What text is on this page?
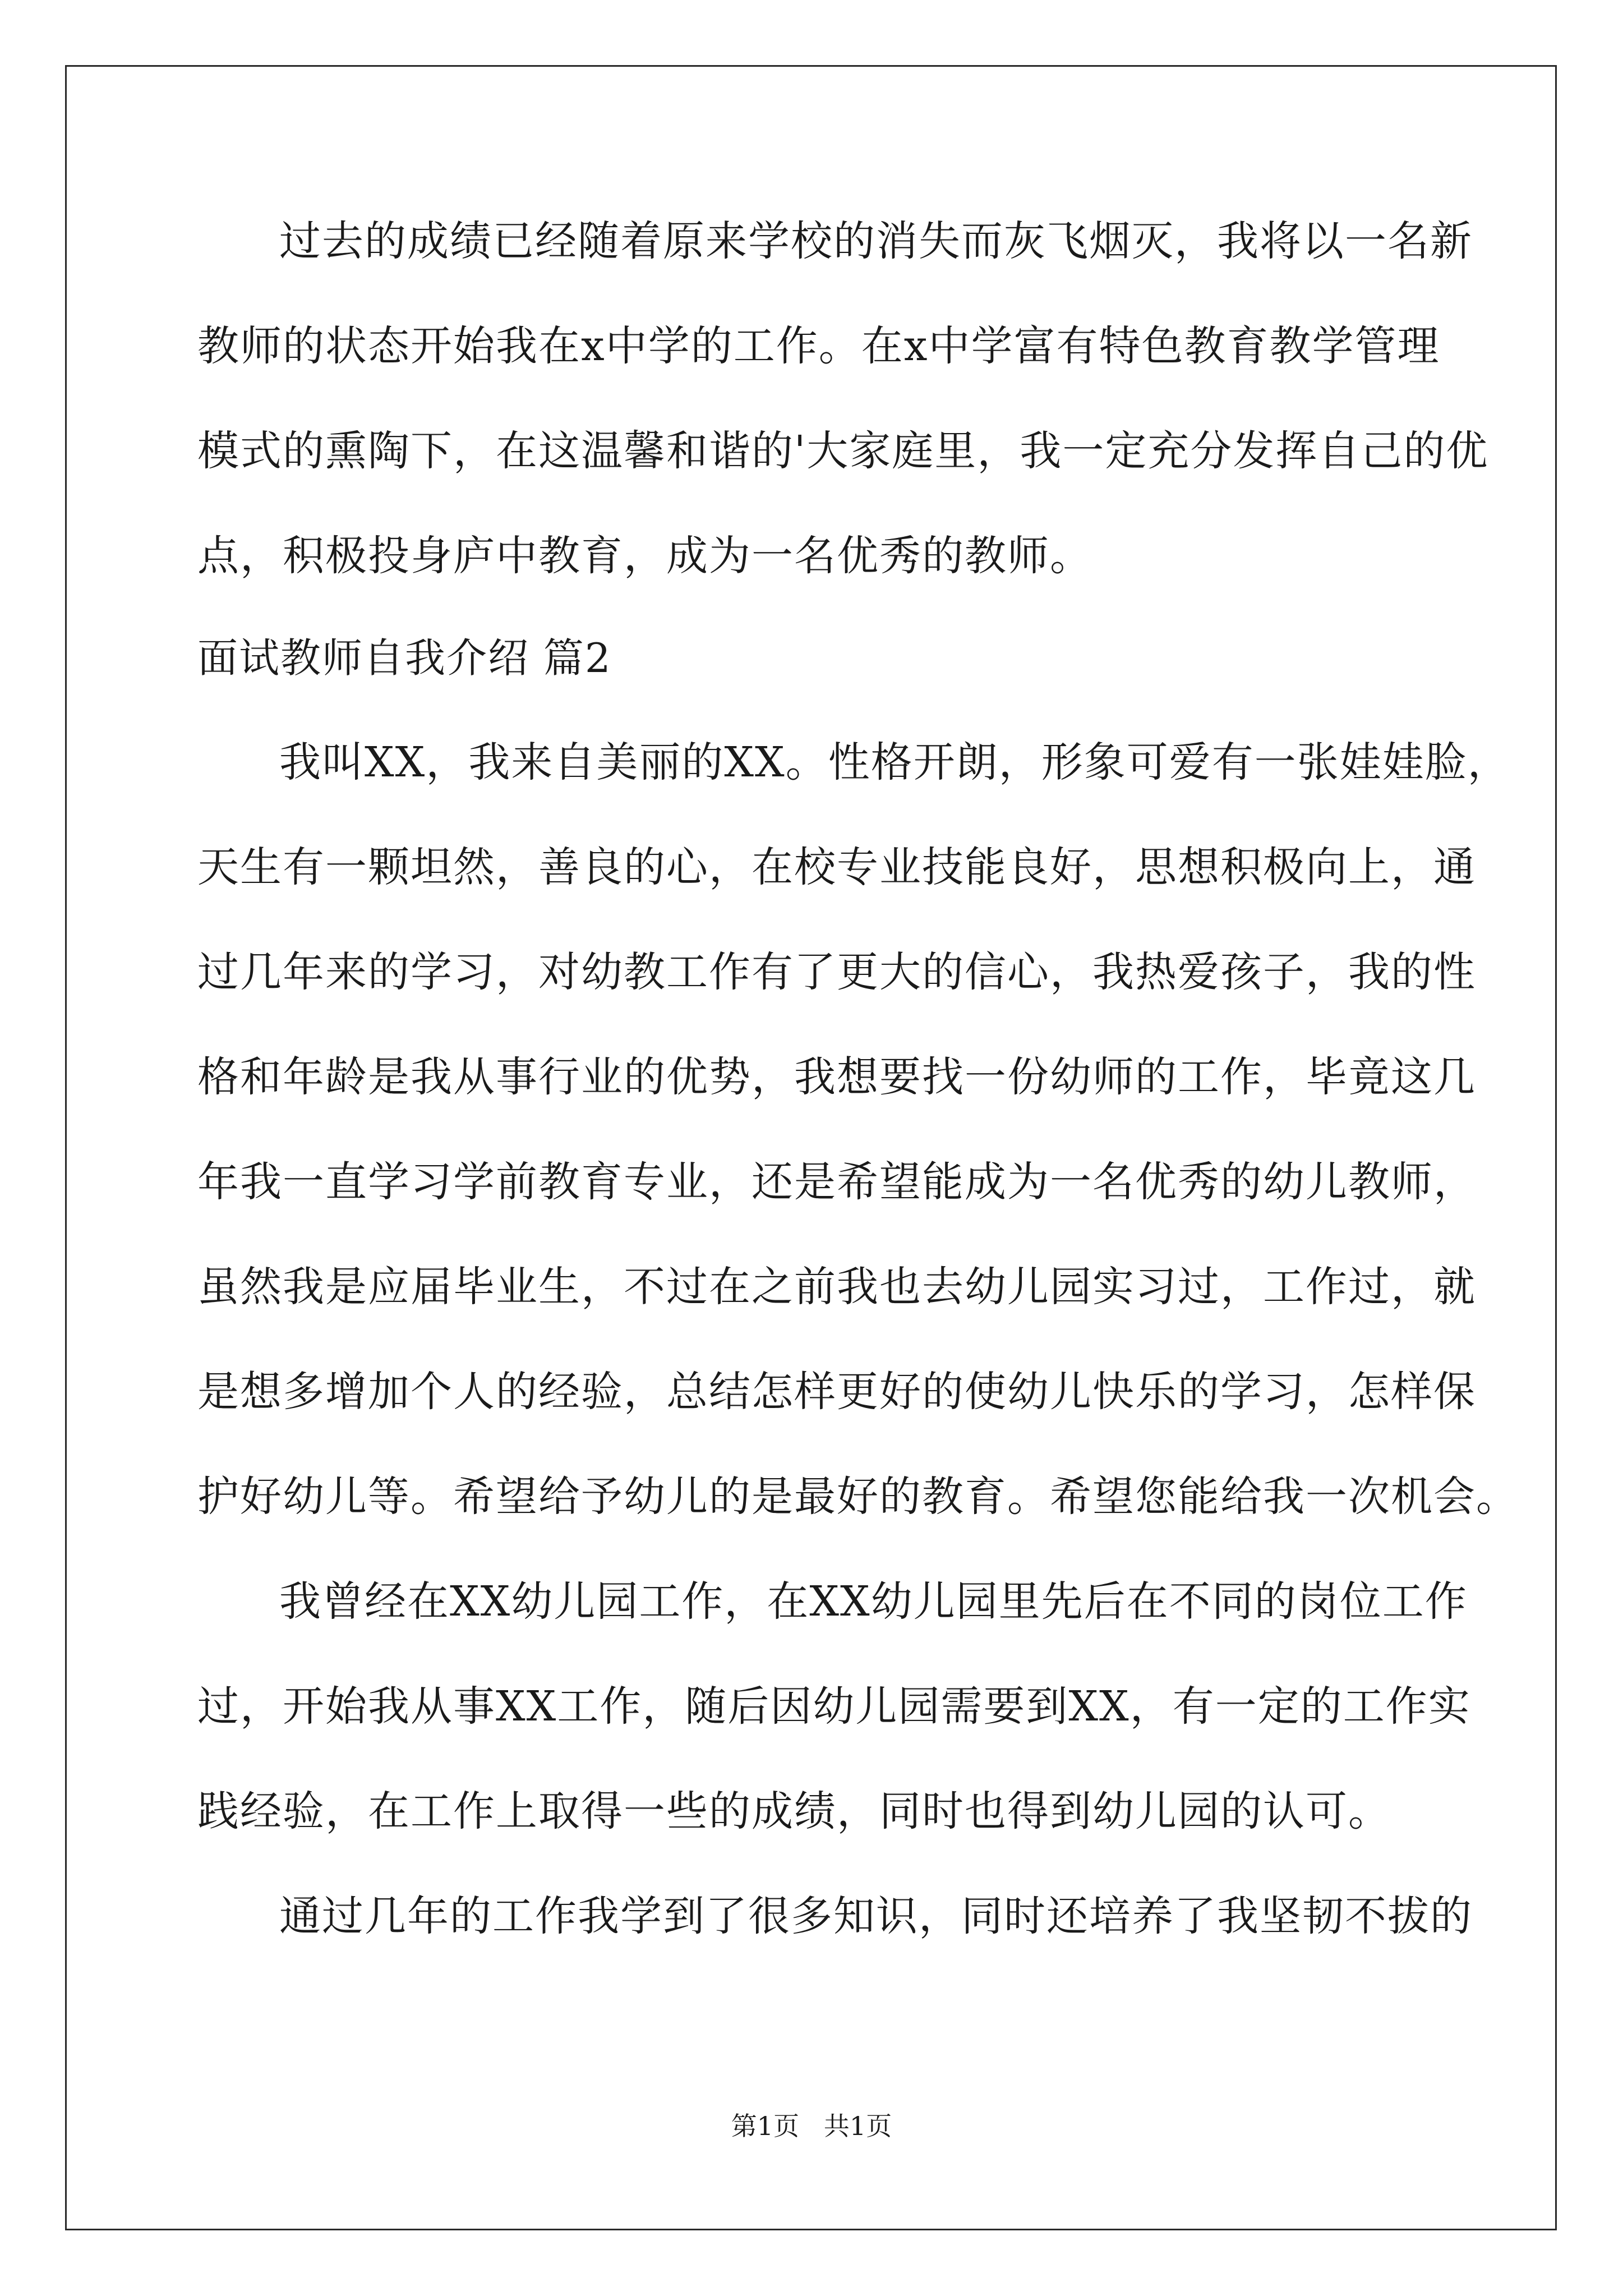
过去的成绩已经随着原来学校的消失而灰飞烟灭，我将以一名新
教师的状态开始我在x中学的工作。在x中学富有特色教育教学管理
模式的熏陶下，在这温馨和谐的'大家庭里，我一定充分发挥自己的优
点，积极投身庐中教育，成为一名优秀的教师。
面试教师自我介绍 篇2
我叫XX，我来自美丽的XX。性格开朗，形象可爱有一张娃娃脸，
天生有一颗坦然，善良的心，在校专业技能良好，思想积极向上，通
过几年来的学习，对幼教工作有了更大的信心，我热爱孩子，我的性
格和年龄是我从事行业的优势，我想要找一份幼师的工作，毕竟这几
年我一直学习学前教育专业，还是希望能成为一名优秀的幼儿教师，
虽然我是应届毕业生，不过在之前我也去幼儿园实习过，工作过，就
是想多增加个人的经验，总结怎样更好的使幼儿快乐的学习，怎样保
护好幼儿等。希望给予幼儿的是最好的教育。希望您能给我一次机会。
我曾经在XX幼儿园工作，在XX幼儿园里先后在不同的岗位工作
过，开始我从事XX工作，随后因幼儿园需要到XX，有一定的工作实
践经验，在工作上取得一些的成绩，同时也得到幼儿园的认可。
通过几年的工作我学到了很多知识，同时还培养了我坚韧不拔的
第1页   共1页
